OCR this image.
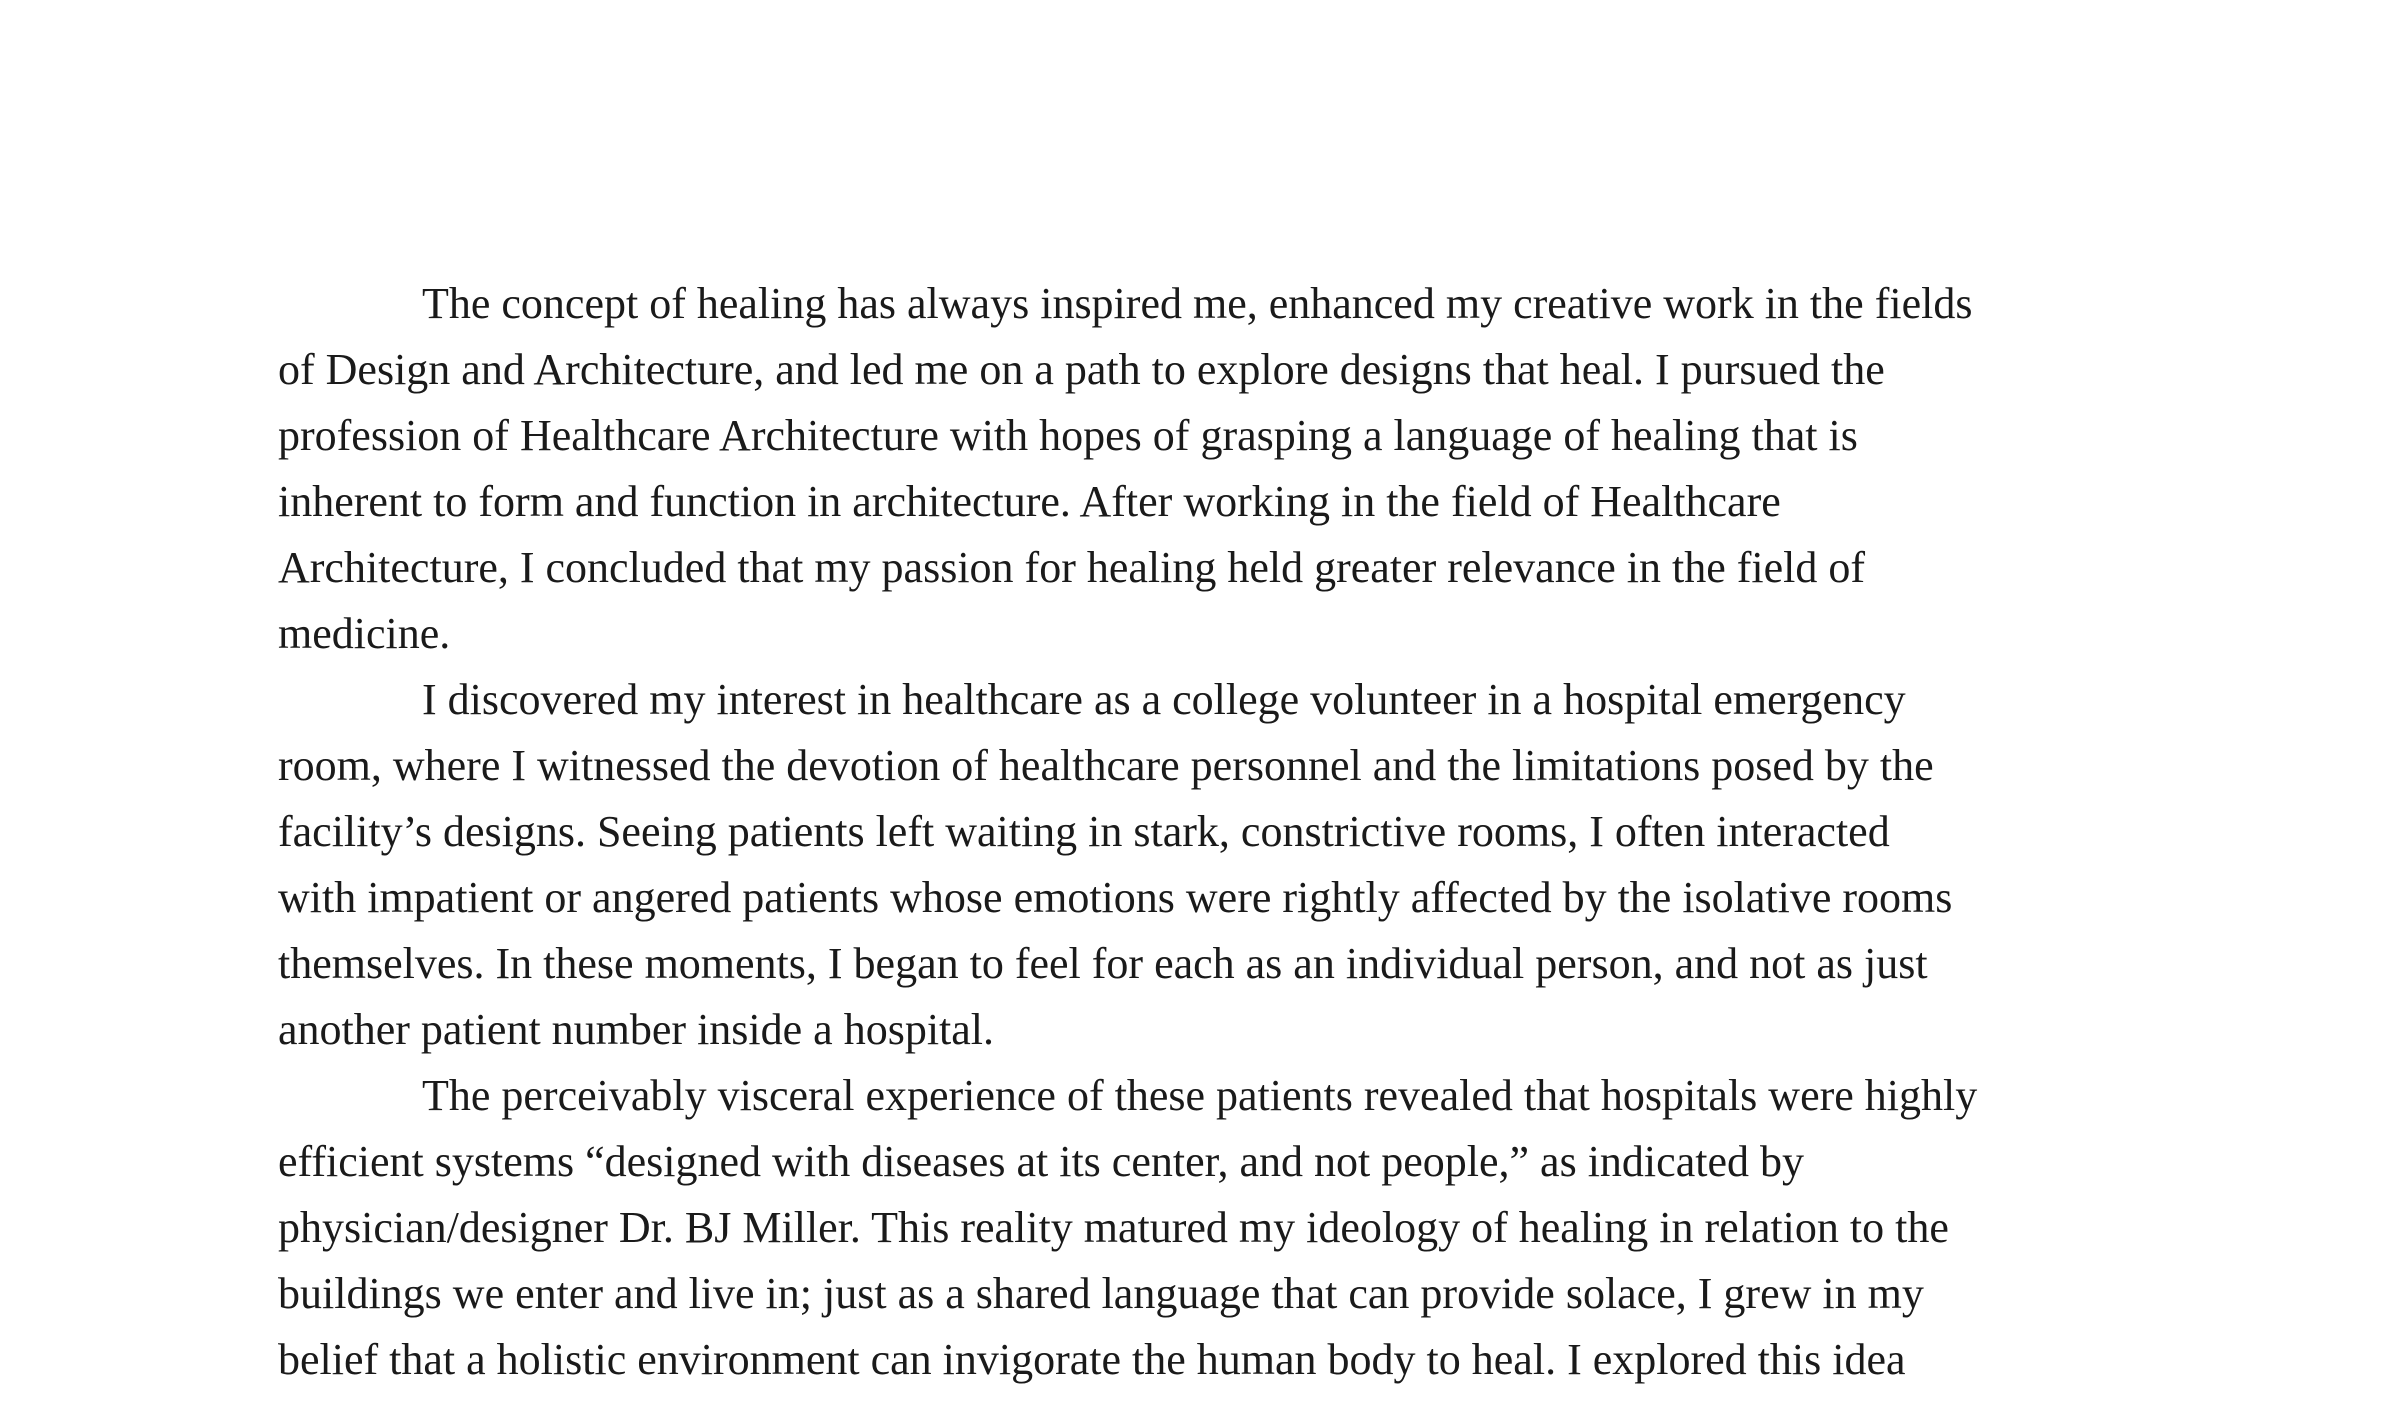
The concept of healing has always inspired me, enhanced my creative work in the fields
of Design and Architecture, and led me on a path to explore designs that heal. I pursued the
profession of Healthcare Architecture with hopes of grasping a language of healing that is
inherent to form and function in architecture. After working in the field of Healthcare
Architecture, I concluded that my passion for healing held greater relevance in the field of
medicine.
I discovered my interest in healthcare as a college volunteer in a hospital emergency
room, where I witnessed the devotion of healthcare personnel and the limitations posed by the
facility’s designs. Seeing patients left waiting in stark, constrictive rooms, I often interacted
with impatient or angered patients whose emotions were rightly affected by the isolative rooms
themselves. In these moments, I began to feel for each as an individual person, and not as just
another patient number inside a hospital.
The perceivably visceral experience of these patients revealed that hospitals were highly
efficient systems “designed with diseases at its center, and not people,” as indicated by
physician/designer Dr. BJ Miller. This reality matured my ideology of healing in relation to the
buildings we enter and live in; just as a shared language that can provide solace, I grew in my
belief that a holistic environment can invigorate the human body to heal. I explored this idea
